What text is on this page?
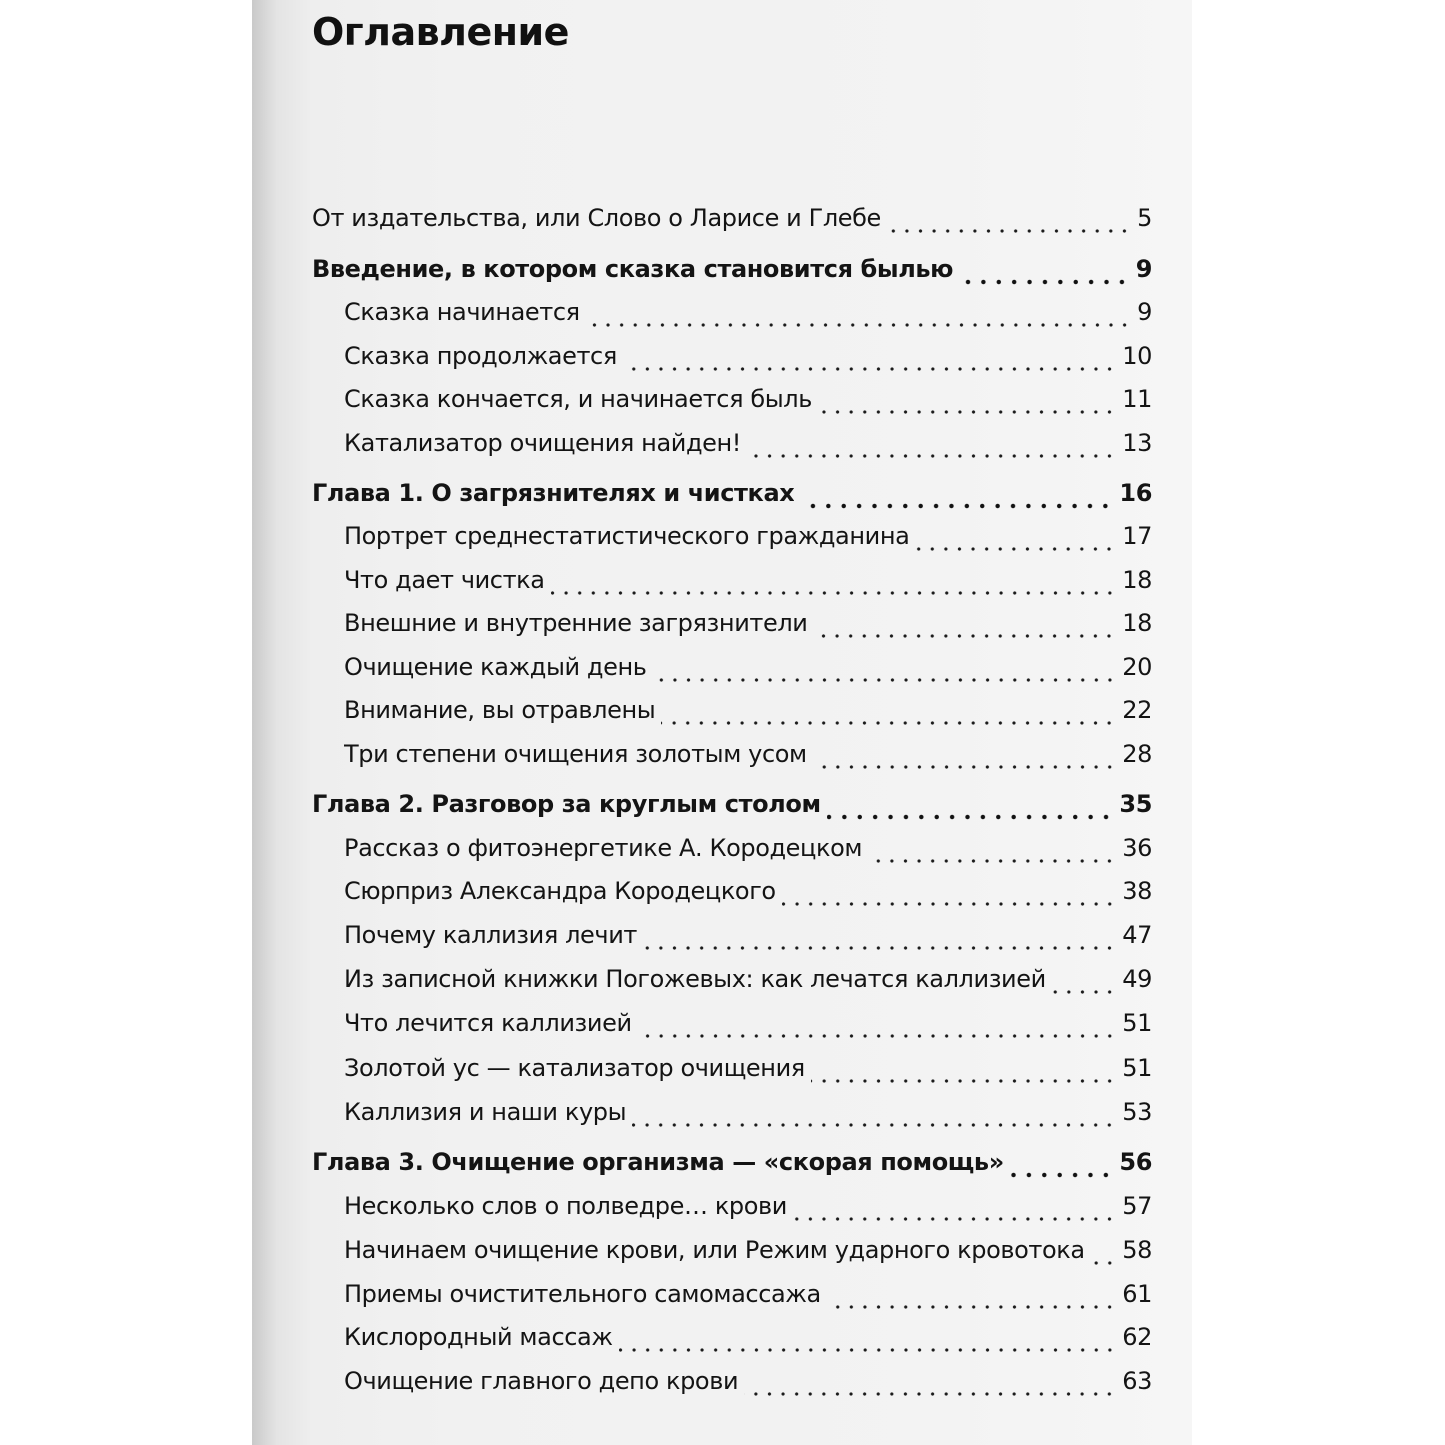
Оглавление
От издательства, или Слово о Ларисе и Глебе	5
Введение, в котором сказка становится былью	9
Сказка начинается	9
Сказка продолжается	10
Сказка кончается, и начинается быль	11
Катализатор очищения найден!	13
Глава 1. О загрязнителях и чистках	16
Портрет среднестатистического гражданина	17
Что дает чистка	18
Внешние и внутренние загрязнители	18
Очищение каждый день	20
Внимание, вы отравлены	22
Три степени очищения золотым усом	28
Глава 2. Разговор за круглым столом	35
Рассказ о фитоэнергетике А. Кородецком	36
Сюрприз Александра Кородецкого	38
Почему каллизия лечит	47
Из записной книжки Погожевых: как лечатся каллизией	49
Что лечится каллизией	51
Золотой ус — катализатор очищения	51
Каллизия и наши куры	53
Глава 3. Очищение организма — «скорая помощь»	56
Несколько слов о полведре… крови	57
Начинаем очищение крови, или Режим ударного кровотока 58
Приемы очистительного самомассажа	61
Кислородный массаж	62
Очищение главного депо крови	63
